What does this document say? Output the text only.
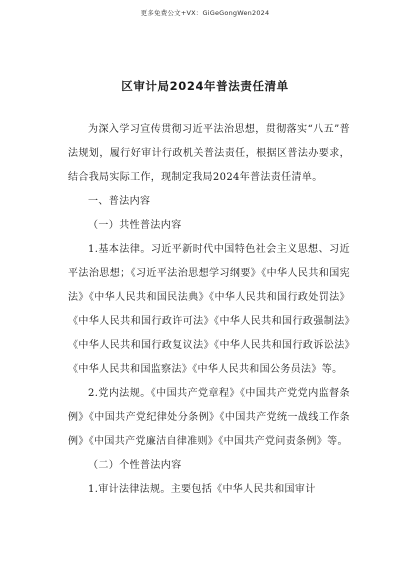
更多免费公文+VX：GiGeGongWen2024
区审计局2024年普法责任清单

为深入学习宣传贯彻习近平法治思想，贯彻落实“八五”普法规划，履行好审计行政机关普法责任，根据区普法办要求，结合我局实际工作，现制定我局2024年普法责任清单。

一、普法内容

（一）共性普法内容

1.基本法律。习近平新时代中国特色社会主义思想、习近平法治思想；《习近平法治思想学习纲要》《中华人民共和国宪法》《中华人民共和国民法典》《中华人民共和国行政处罚法》《中华人民共和国行政许可法》《中华人民共和国行政强制法》《中华人民共和国行政复议法》《中华人民共和国行政诉讼法》《中华人民共和国监察法》《中华人民共和国公务员法》等。

2.党内法规。《中国共产党章程》《中国共产党党内监督条例》《中国共产党纪律处分条例》《中国共产党统一战线工作条例》《中国共产党廉洁自律准则》《中国共产党问责条例》等。

（二）个性普法内容

1.审计法律法规。主要包括《中华人民共和国审计
